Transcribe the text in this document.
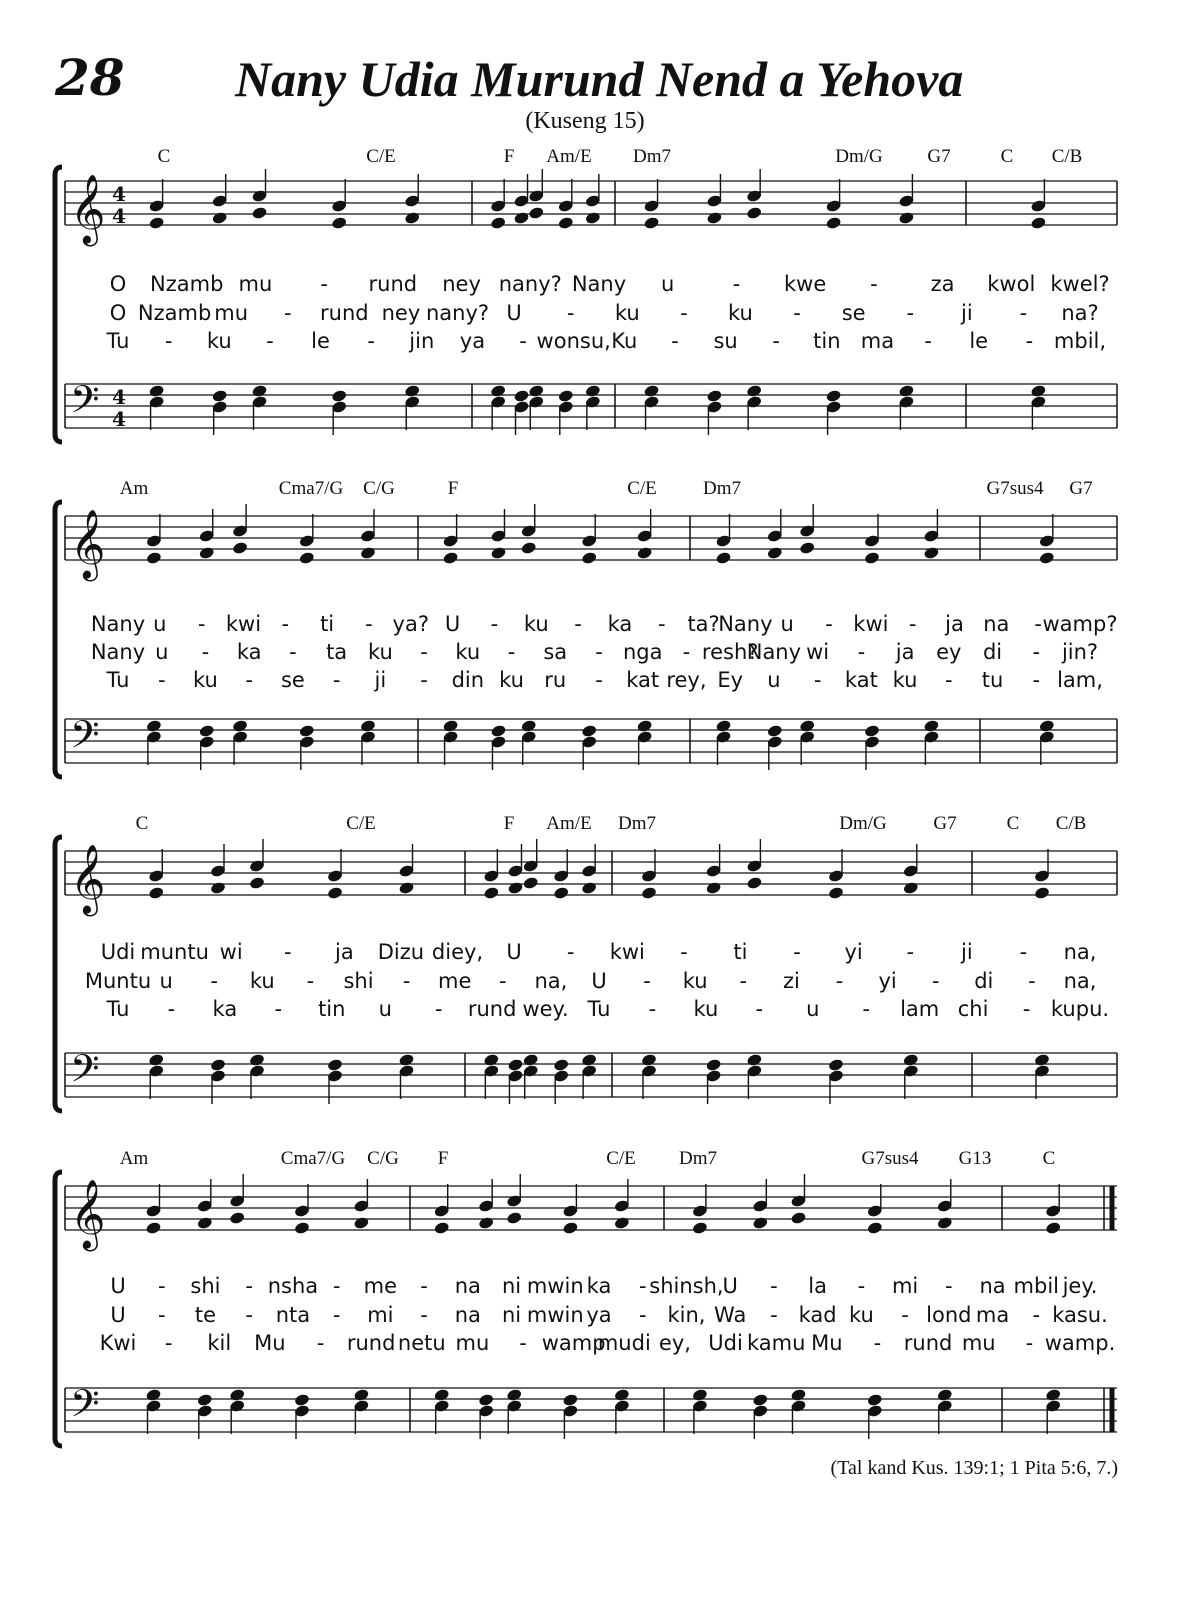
28 Nany Udia Murund Nend a Yehova
(Kuseng 15)
𝄞
𝄢
4
4
4
4
C	C/E	F Am/E Dm7	Dm/G G7	C C/B
O Nzamb mu - rund ney nany? Nany u	- kwe -	za kwol kwel?
O Nzamb mu - rund ney nany? U - ku - ku - se - ji - na?
Tu - ku - le - jin ya - wonsu, Ku - su - tin ma - le - mbil,
𝄞
𝄢
Am	Cma7/G C/G	F	C/E Dm7	G7sus4 G7
Nany u - kwi - ti - ya? U - ku - ka - ta?
Nany u - kwi - ja na - wamp?
Nany u - ka - ta ku - ku - sa - nga - resh?
Nany wi - ja ey di - jin?
Tu - ku - se - ji - din ku ru - kat rey, Ey u - kat ku - tu - lam,
𝄞
𝄢
C	C/E	F Am/E Dm7	Dm/G G7	C C/B
Udi muntu wi - ja Dizu diey, U - kwi - ti - yi - ji - na,
Muntu u - ku - shi - me - na, U - ku - zi - yi - di - na,
Tu - ka - tin u - rund wey. Tu - ku - u - lam chi - kupu.
𝄞
𝄢
Am	Cma7/G C/G F	C/E Dm7	G7sus4 G13	C
U - shi - nsha - me - na ni mwin ka - shinsh,
U - la - mi - na mbil jey.
U - te - nta - mi - na ni mwin ya - kin, Wa - kad ku - lond ma - kasu.
Kwi - kil Mu - rund netu mu - wamp
mudi ey, Udi kamu Mu - rund mu - wamp.
(Tal kand Kus. 139:1; 1 Pita 5:6, 7.)
